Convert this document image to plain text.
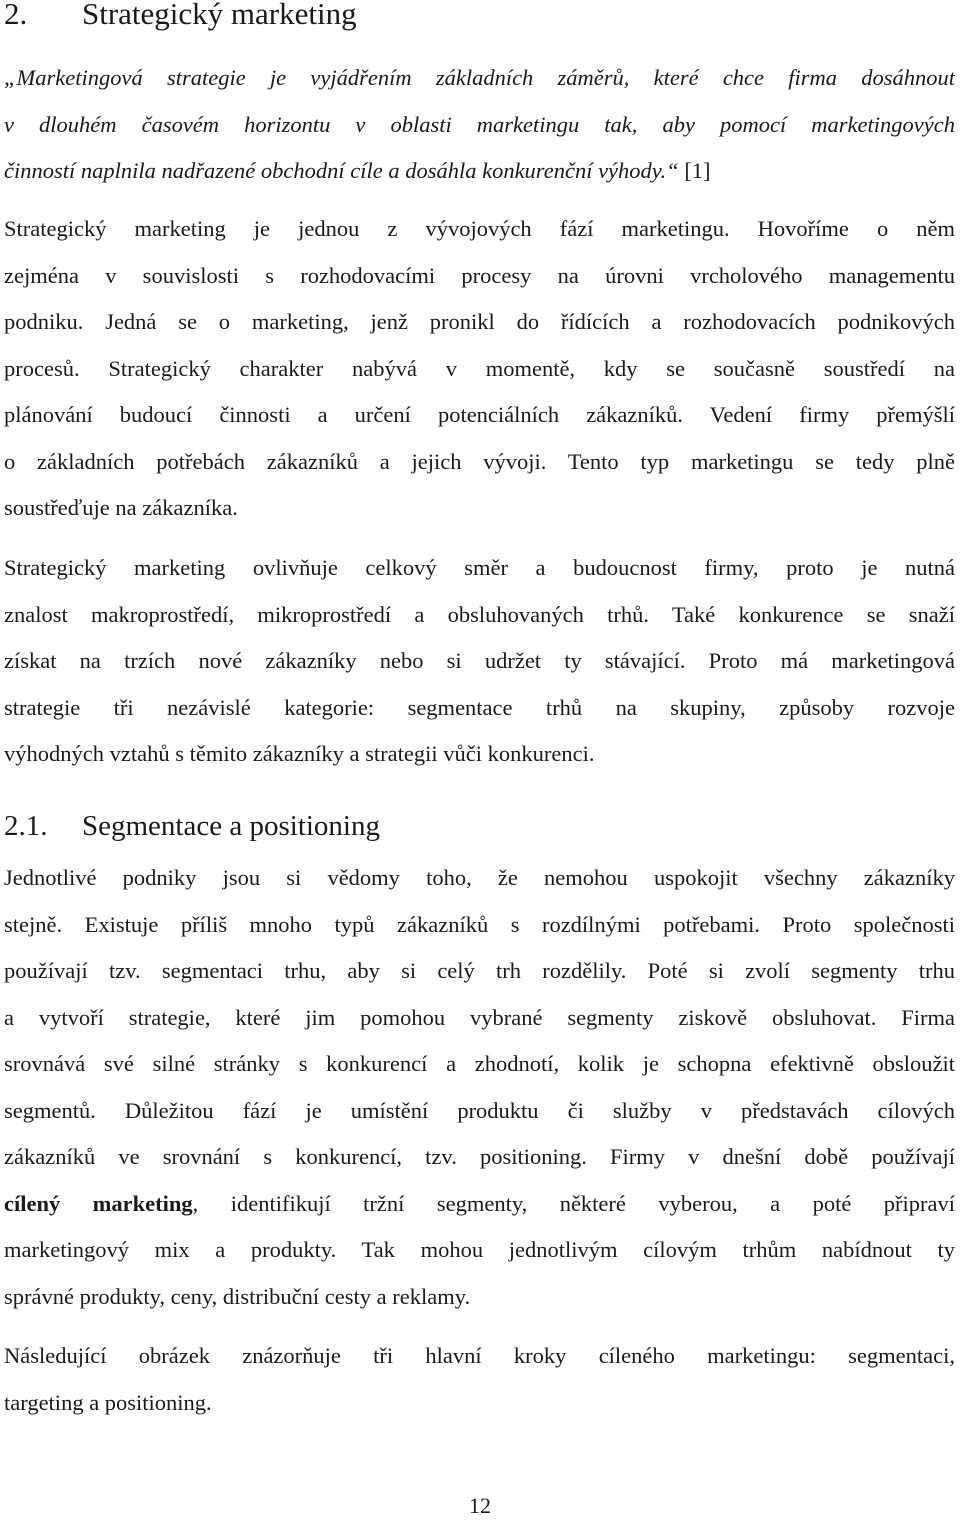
2. Strategický marketing
„Marketingová strategie je vyjádřením základních záměrů, které chce firma dosáhnout
v dlouhém časovém horizontu v oblasti marketingu tak, aby pomocí marketingových
činností naplnila nadřazené obchodní cíle a dosáhla konkurenční výhody.“ [1]
Strategický marketing je jednou z vývojových fází marketingu. Hovoříme o něm
zejména v souvislosti s rozhodovacími procesy na úrovni vrcholového managementu
podniku. Jedná se o marketing, jenž pronikl do řídících a rozhodovacích podnikových
procesů. Strategický charakter nabývá v momentě, kdy se současně soustředí na
plánování budoucí činnosti a určení potenciálních zákazníků. Vedení firmy přemýšlí
o základních potřebách zákazníků a jejich vývoji. Tento typ marketingu se tedy plně
soustřeďuje na zákazníka.
Strategický marketing ovlivňuje celkový směr a budoucnost firmy, proto je nutná
znalost makroprostředí, mikroprostředí a obsluhovaných trhů. Také konkurence se snaží
získat na trzích nové zákazníky nebo si udržet ty stávající. Proto má marketingová
strategie tři nezávislé kategorie: segmentace trhů na skupiny, způsoby rozvoje
výhodných vztahů s těmito zákazníky a strategii vůči konkurenci.
2.1. Segmentace a positioning
Jednotlivé podniky jsou si vědomy toho, že nemohou uspokojit všechny zákazníky
stejně. Existuje příliš mnoho typů zákazníků s rozdílnými potřebami. Proto společnosti
používají tzv. segmentaci trhu, aby si celý trh rozdělily. Poté si zvolí segmenty trhu
a vytvoří strategie, které jim pomohou vybrané segmenty ziskově obsluhovat. Firma
srovnává své silné stránky s konkurencí a zhodnotí, kolik je schopna efektivně obsloužit
segmentů. Důležitou fází je umístění produktu či služby v představách cílových
zákazníků ve srovnání s konkurencí, tzv. positioning. Firmy v dnešní době používají
cílený marketing, identifikují tržní segmenty, některé vyberou, a poté připraví
marketingový mix a produkty. Tak mohou jednotlivým cílovým trhům nabídnout ty
správné produkty, ceny, distribuční cesty a reklamy.
Následující obrázek znázorňuje tři hlavní kroky cíleného marketingu: segmentaci,
targeting a positioning.
12
